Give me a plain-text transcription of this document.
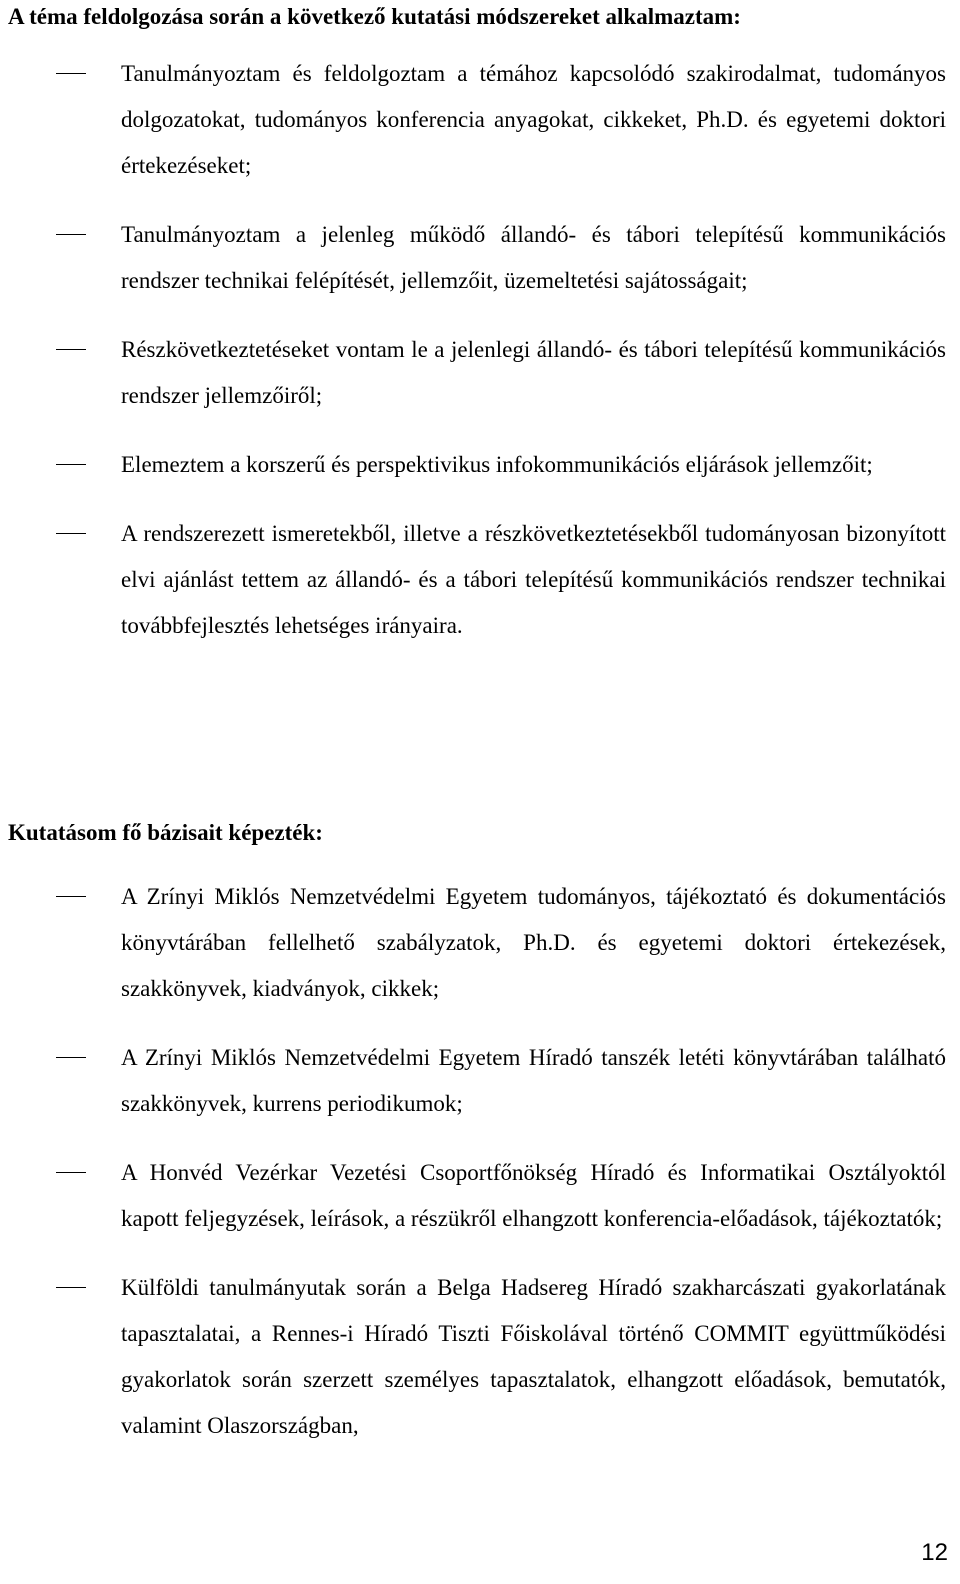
A téma feldolgozása során a következő kutatási módszereket alkalmaztam:
Tanulmányoztam és feldolgoztam a témához kapcsolódó szakirodalmat, tudományos dolgozatokat, tudományos konferencia anyagokat, cikkeket, Ph.D. és egyetemi doktori értekezéseket;
Tanulmányoztam a jelenleg működő állandó- és tábori telepítésű kommunikációs rendszer technikai felépítését, jellemzőit, üzemeltetési sajátosságait;
Részkövetkeztetéseket vontam le a jelenlegi állandó- és tábori telepítésű kommunikációs rendszer jellemzőiről;
Elemeztem a korszerű és perspektivikus infokommunikációs eljárások jellemzőit;
A rendszerezett ismeretekből, illetve a részkövetkeztetésekből tudományosan bizonyított elvi ajánlást tettem az állandó- és a tábori telepítésű kommunikációs rendszer technikai továbbfejlesztés lehetséges irányaira.
Kutatásom fő bázisait képezték:
A Zrínyi Miklós Nemzetvédelmi Egyetem tudományos, tájékoztató és dokumentációs könyvtárában fellelhető szabályzatok, Ph.D. és egyetemi doktori értekezések, szakkönyvek, kiadványok, cikkek;
A Zrínyi Miklós Nemzetvédelmi Egyetem Híradó tanszék letéti könyvtárában található szakkönyvek, kurrens periodikumok;
A Honvéd Vezérkar Vezetési Csoportfőnökség Híradó és Informatikai Osztályoktól kapott feljegyzések, leírások, a részükről elhangzott konferencia-előadások, tájékoztatók;
Külföldi tanulmányutak során a Belga Hadsereg Híradó szakharcászati gyakorlatának tapasztalatai, a Rennes-i Híradó Tiszti Főiskolával történő COMMIT együttműködési gyakorlatok során szerzett személyes tapasztalatok, elhangzott előadások, bemutatók, valamint Olaszországban,
12
